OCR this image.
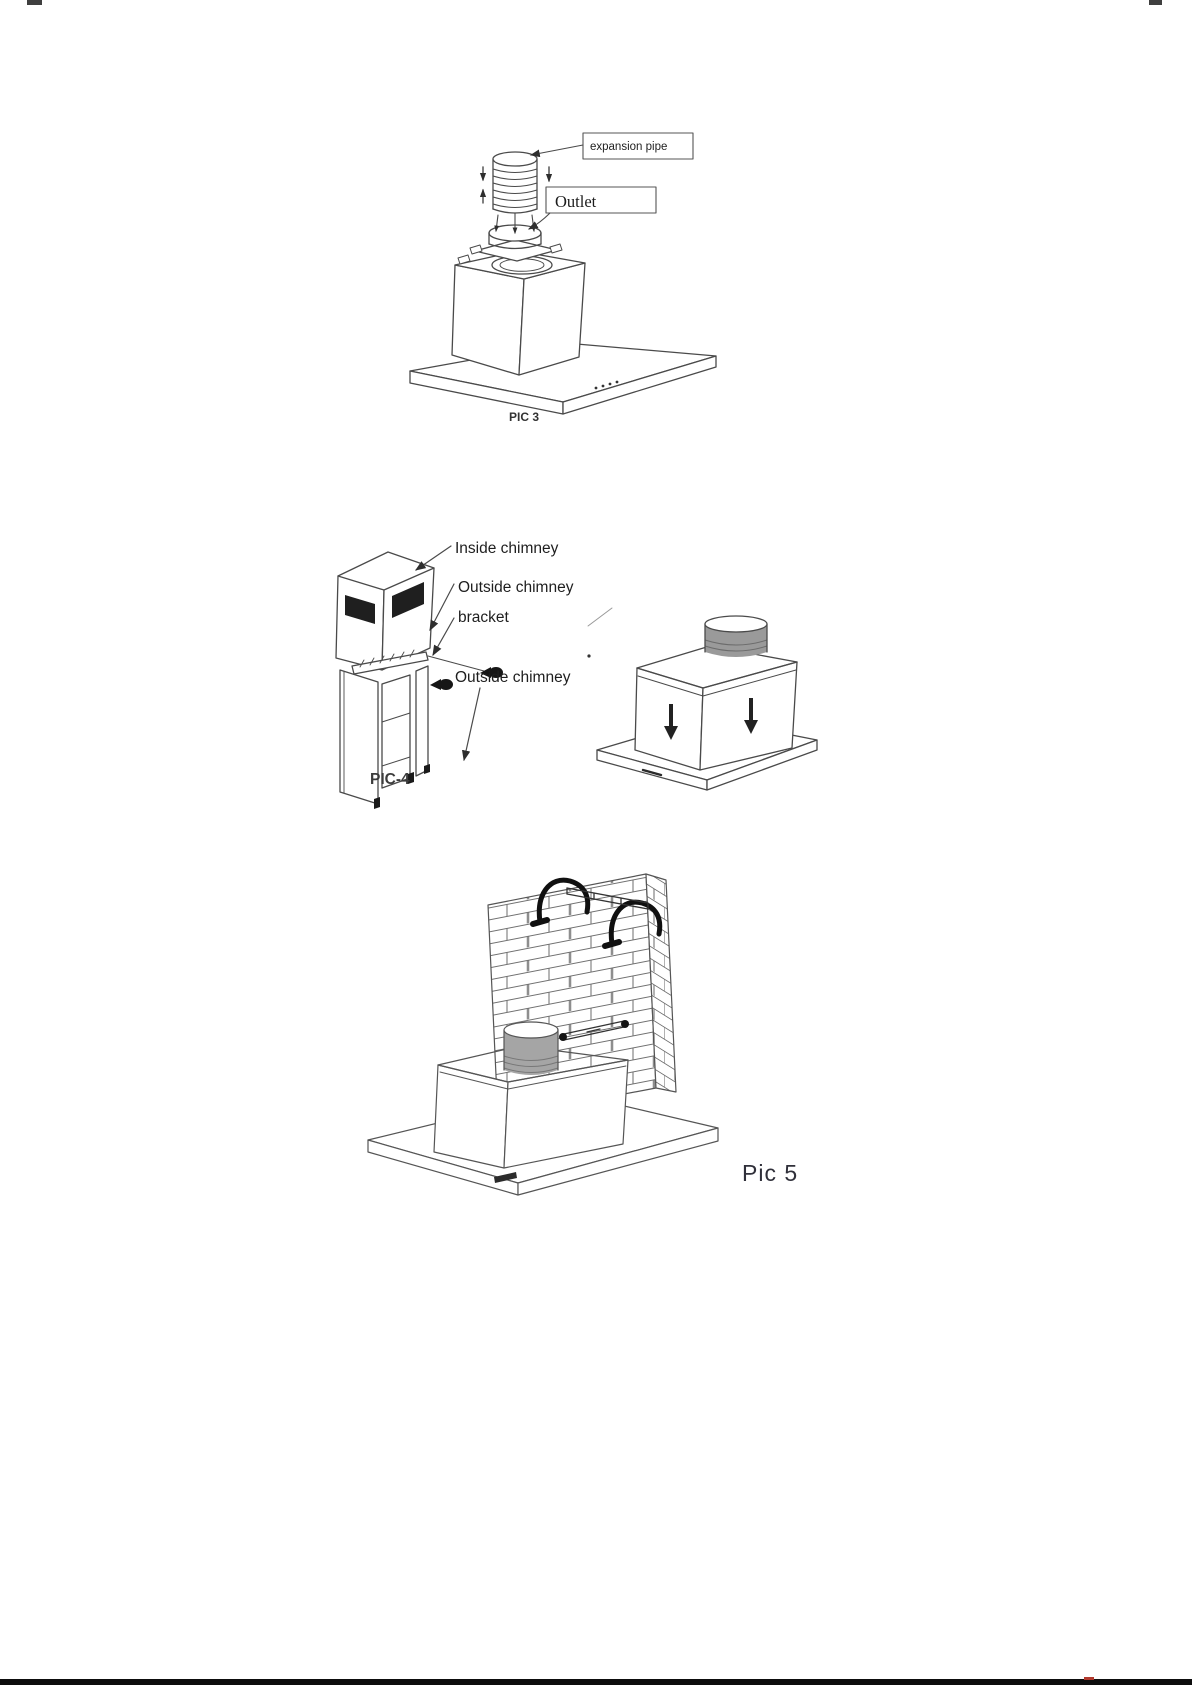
expansion pipe
Outlet
PIC 3
Inside chimney
Outside chimney
bracket
Outside chimney
PIC-4
Pic 5
